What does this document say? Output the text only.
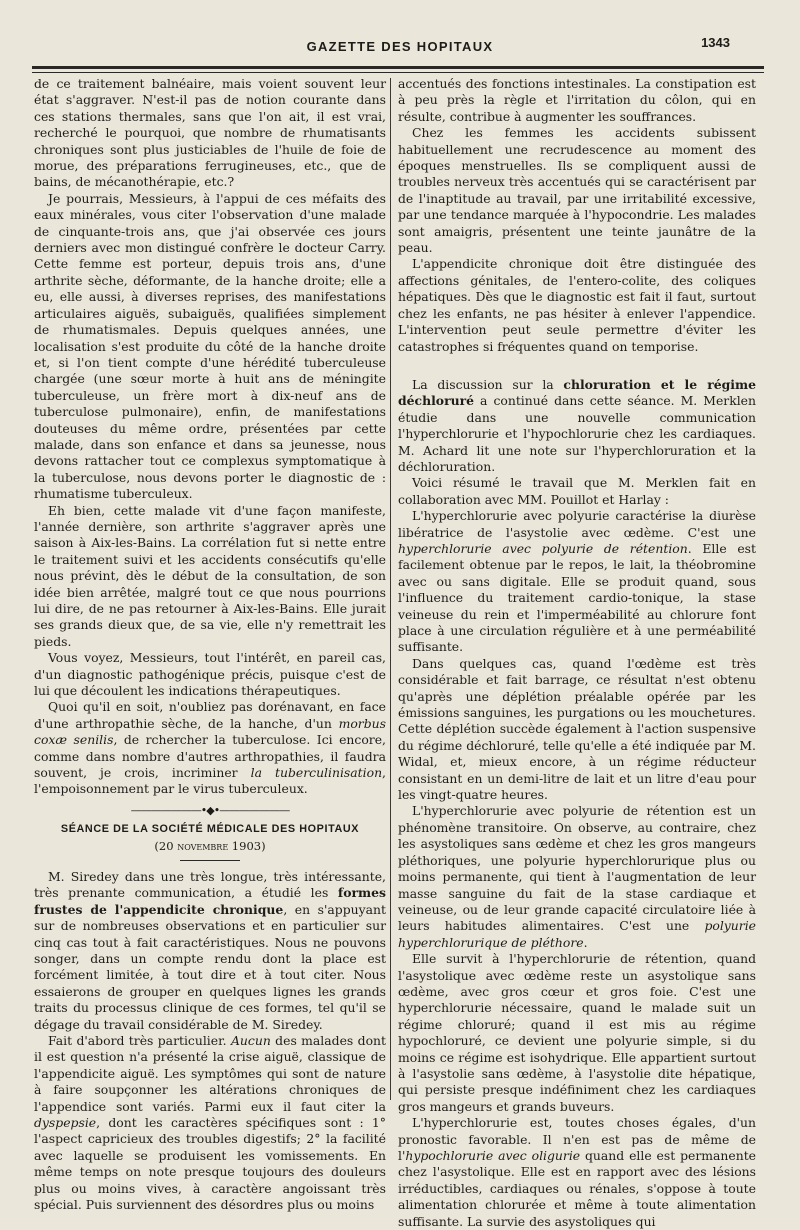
GAZETTE DES HOPITAUX	1343

de ce traitement balnéaire, mais voient souvent leur état s'aggraver. N'est-il pas de notion courante dans ces stations thermales, sans que l'on ait, il est vrai, recherché le pourquoi, que nombre de rhumatisants chroniques sont plus justiciables de l'huile de foie de morue, des préparations ferrugineuses, etc., que de bains, de mécanothérapie, etc.?

Je pourrais, Messieurs, à l'appui de ces méfaits des eaux minérales, vous citer l'observation d'une malade de cinquante-trois ans, que j'ai observée ces jours derniers avec mon distingué confrère le docteur Carry. Cette femme est porteur, depuis trois ans, d'une arthrite sèche, déformante, de la hanche droite; elle a eu, elle aussi, à diverses reprises, des manifestations articulaires aiguës, subaiguës, qualifiées simplement de rhumatismales. Depuis quelques années, une localisation s'est produite du côté de la hanche droite et, si l'on tient compte d'une hérédité tuberculeuse chargée (une sœur morte à huit ans de méningite tuberculeuse, un frère mort à dix-neuf ans de tuberculose pulmonaire), enfin, de manifestations douteuses du même ordre, présentées par cette malade, dans son enfance et dans sa jeunesse, nous devons rattacher tout ce complexus symptomatique à la tuberculose, nous devons porter le diagnostic de : rhumatisme tuberculeux.

Eh bien, cette malade vit d'une façon manifeste, l'année dernière, son arthrite s'aggraver après une saison à Aix-les-Bains. La corrélation fut si nette entre le traitement suivi et les accidents consécutifs qu'elle nous prévint, dès le début de la consultation, de son idée bien arrêtée, malgré tout ce que nous pourrions lui dire, de ne pas retourner à Aix-les-Bains. Elle jurait ses grands dieux que, de sa vie, elle n'y remettrait les pieds.

Vous voyez, Messieurs, tout l'intérêt, en pareil cas, d'un diagnostic pathogénique précis, puisque c'est de lui que découlent les indications thérapeutiques.

Quoi qu'il en soit, n'oubliez pas dorénavant, en face d'une arthropathie sèche, de la hanche, d'un morbus coxæ senilis, de rchercher la tuberculose. Ici encore, comme dans nombre d'autres arthropathies, il faudra souvent, je crois, incriminer la tuberculinisation, l'empoisonnement par le virus tuberculeux.

———————•◆•———————
SÉANCE DE LA SOCIÉTÉ MÉDICALE DES HOPITAUX
(20 novembre 1903)

M. Siredey dans une très longue, très intéressante, très prenante communication, a étudié les formes frustes de l'appendicite chronique, en s'appuyant sur de nombreuses observations et en particulier sur cinq cas tout à fait caractéristiques. Nous ne pouvons songer, dans un compte rendu dont la place est forcément limitée, à tout dire et à tout citer. Nous essaierons de grouper en quelques lignes les grands traits du processus clinique de ces formes, tel qu'il se dégage du travail considérable de M. Siredey.

Fait d'abord très particulier. Aucun des malades dont il est question n'a présenté la crise aiguë, classique de l'appendicite aiguë. Les symptômes qui sont de nature à faire soupçonner les altérations chroniques de l'appendice sont variés. Parmi eux il faut citer la dyspepsie, dont les caractères spécifiques sont : 1° l'aspect capricieux des troubles digestifs; 2° la facilité avec laquelle se produisent les vomissements. En même temps on note presque toujours des douleurs plus ou moins vives, à caractère angoissant très spécial. Puis surviennent des désordres plus ou moins

accentués des fonctions intestinales. La constipation est à peu près la règle et l'irritation du côlon, qui en résulte, contribue à augmenter les souffrances.

Chez les femmes les accidents subissent habituellement une recrudescence au moment des époques menstruelles. Ils se compliquent aussi de troubles nerveux très accentués qui se caractérisent par de l'inaptitude au travail, par une irritabilité excessive, par une tendance marquée à l'hypocondrie. Les malades sont amaigris, présentent une teinte jaunâtre de la peau.

L'appendicite chronique doit être distinguée des affections génitales, de l'entero-colite, des coliques hépatiques. Dès que le diagnostic est fait il faut, surtout chez les enfants, ne pas hésiter à enlever l'appendice. L'intervention peut seule permettre d'éviter les catastrophes si fréquentes quand on temporise.

La discussion sur la chloruration et le régime déchloruré a continué dans cette séance. M. Merklen étudie dans une nouvelle communication l'hyperchlorurie et l'hypochlorurie chez les cardiaques. M. Achard lit une note sur l'hyperchloruration et la déchloruration.

Voici résumé le travail que M. Merklen fait en collaboration avec MM. Pouillot et Harlay :

L'hyperchlorurie avec polyurie caractérise la diurèse libératrice de l'asystolie avec œdème. C'est une hyperchlorurie avec polyurie de rétention. Elle est facilement obtenue par le repos, le lait, la théobromine avec ou sans digitale. Elle se produit quand, sous l'influence du traitement cardio-tonique, la stase veineuse du rein et l'imperméabilité au chlorure font place à une circulation régulière et à une perméabilité suffisante.

Dans quelques cas, quand l'œdème est très considérable et fait barrage, ce résultat n'est obtenu qu'après une déplétion préalable opérée par les émissions sanguines, les purgations ou les mouchetures. Cette déplétion succède également à l'action suspensive du régime déchloruré, telle qu'elle a été indiquée par M. Widal, et, mieux encore, à un régime réducteur consistant en un demi-litre de lait et un litre d'eau pour les vingt-quatre heures.

L'hyperchlorurie avec polyurie de rétention est un phénomène transitoire. On observe, au contraire, chez les asystoliques sans œdème et chez les gros mangeurs pléthoriques, une polyurie hyperchlorurique plus ou moins permanente, qui tient à l'augmentation de leur masse sanguine du fait de la stase cardiaque et veineuse, ou de leur grande capacité circulatoire liée à leurs habitudes alimentaires. C'est une polyurie hyperchlorurique de pléthore.

Elle survit à l'hyperchlorurie de rétention, quand l'asystolique avec œdème reste un asystolique sans œdème, avec gros cœur et gros foie. C'est une hyperchlorurie nécessaire, quand le malade suit un régime chloruré; quand il est mis au régime hypochloruré, ce devient une polyurie simple, si du moins ce régime est isohydrique. Elle appartient surtout à l'asystolie sans œdème, à l'asystolie dite hépatique, qui persiste presque indéfiniment chez les cardiaques gros mangeurs et grands buveurs.

L'hyperchlorurie est, toutes choses égales, d'un pronostic favorable. Il n'en est pas de même de l'hypochlorurie avec oligurie quand elle est permanente chez l'asystolique. Elle est en rapport avec des lésions irréductibles, cardiaques ou rénales, s'oppose à toute alimentation chlorurée et même à toute alimentation suffisante. La survie des asystoliques qui
